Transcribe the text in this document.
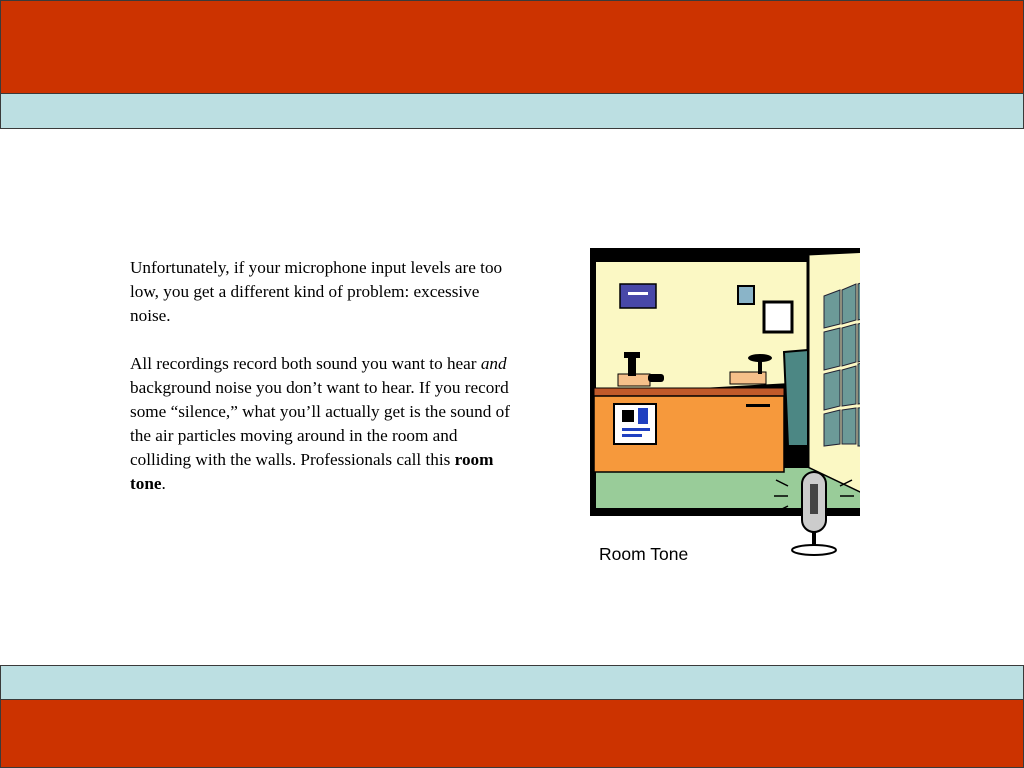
Unfortunately, if your microphone input levels are too low, you get a different kind of problem: excessive noise.

All recordings record both sound you want to hear and background noise you don’t want to hear. If you record some “silence,” what you’ll actually get is the sound of the air particles moving around in the room and colliding with the walls. Professionals call this room tone.

Room Tone
